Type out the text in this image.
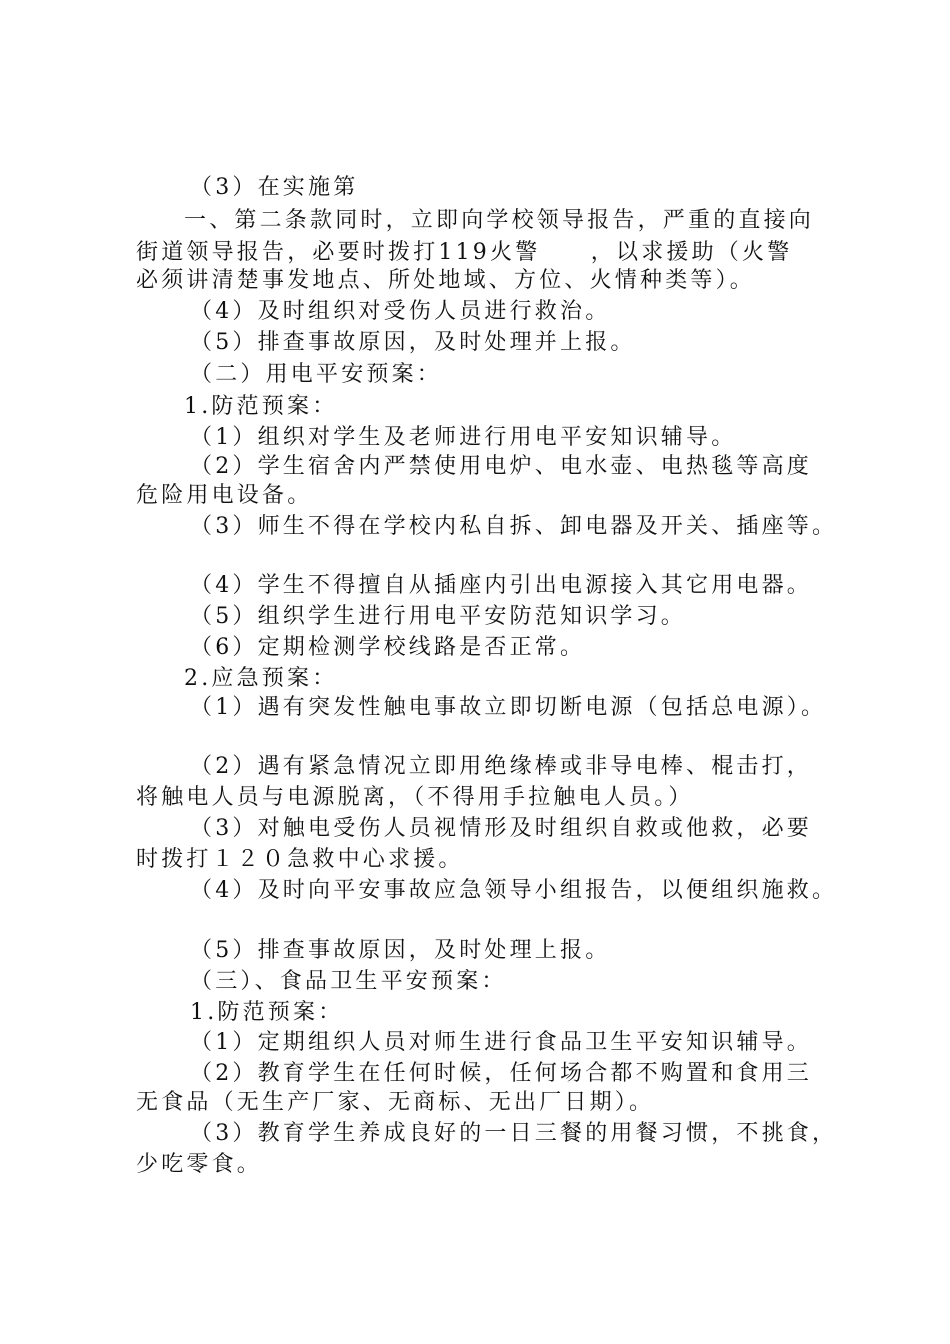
（3）在实施第
一、第二条款同时，立即向学校领导报告，严重的直接向
街道领导报告，必要时拨打119火警　　，以求援助（火警
必须讲清楚事发地点、所处地域、方位、火情种类等）。
（4）及时组织对受伤人员进行救治。
（5）排查事故原因，及时处理并上报。
（二）用电平安预案：
1.防范预案：
（1）组织对学生及老师进行用电平安知识辅导。
（2）学生宿舍内严禁使用电炉、电水壶、电热毯等高度
危险用电设备。
（3）师生不得在学校内私自拆、卸电器及开关、插座等。
（4）学生不得擅自从插座内引出电源接入其它用电器。
（5）组织学生进行用电平安防范知识学习。
（6）定期检测学校线路是否正常。
2.应急预案：
（1）遇有突发性触电事故立即切断电源（包括总电源）。
（2）遇有紧急情况立即用绝缘棒或非导电棒、棍击打，
将触电人员与电源脱离，（不得用手拉触电人员。）
（3）对触电受伤人员视情形及时组织自救或他救，必要
时拨打１２０急救中心求援。
（4）及时向平安事故应急领导小组报告，以便组织施救。
（5）排查事故原因，及时处理上报。
（三）、食品卫生平安预案：
1.防范预案：
（1）定期组织人员对师生进行食品卫生平安知识辅导。
（2）教育学生在任何时候，任何场合都不购置和食用三
无食品（无生产厂家、无商标、无出厂日期）。
（3）教育学生养成良好的一日三餐的用餐习惯，不挑食，
少吃零食。
